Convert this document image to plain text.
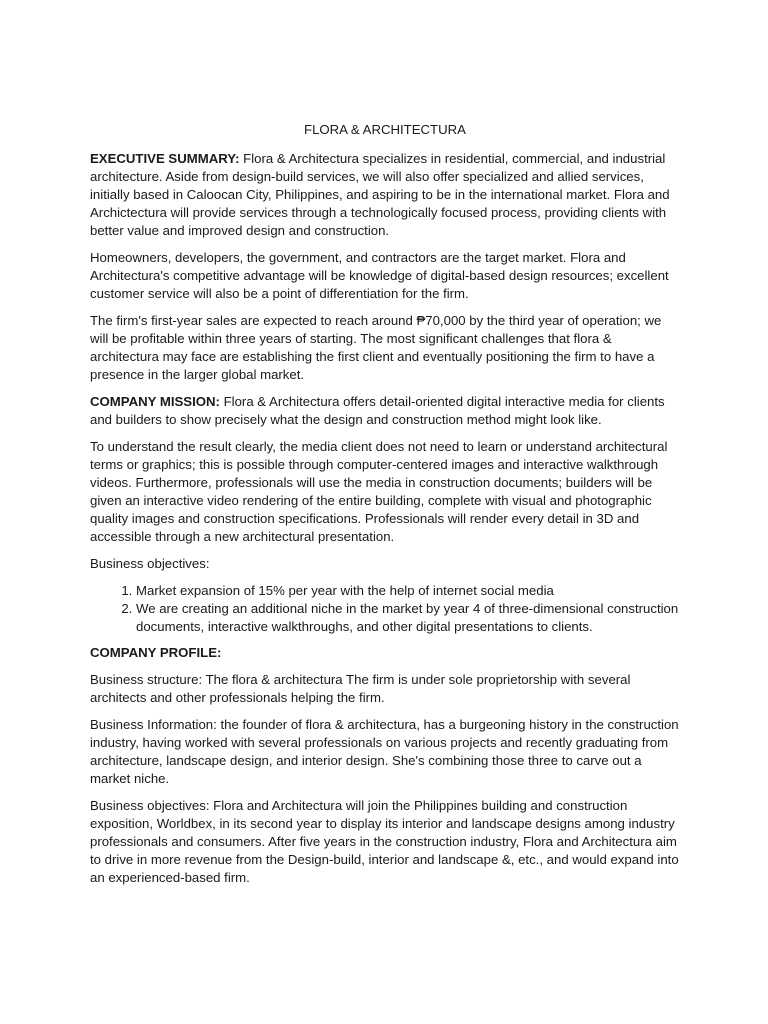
FLORA & ARCHITECTURA

EXECUTIVE SUMMARY: Flora & Architectura specializes in residential, commercial, and industrial architecture. Aside from design-build services, we will also offer specialized and allied services, initially based in Caloocan City, Philippines, and aspiring to be in the international market. Flora and Archictectura will provide services through a technologically focused process, providing clients with better value and improved design and construction.

Homeowners, developers, the government, and contractors are the target market. Flora and Architectura's competitive advantage will be knowledge of digital-based design resources; excellent customer service will also be a point of differentiation for the firm.

The firm's first-year sales are expected to reach around ₱70,000 by the third year of operation; we will be profitable within three years of starting. The most significant challenges that flora & architectura may face are establishing the first client and eventually positioning the firm to have a presence in the larger global market.

COMPANY MISSION: Flora & Architectura offers detail-oriented digital interactive media for clients and builders to show precisely what the design and construction method might look like.

To understand the result clearly, the media client does not need to learn or understand architectural terms or graphics; this is possible through computer-centered images and interactive walkthrough videos. Furthermore, professionals will use the media in construction documents; builders will be given an interactive video rendering of the entire building, complete with visual and photographic quality images and construction specifications. Professionals will render every detail in 3D and accessible through a new architectural presentation.

Business objectives:

1. Market expansion of 15% per year with the help of internet social media
2. We are creating an additional niche in the market by year 4 of three-dimensional construction documents, interactive walkthroughs, and other digital presentations to clients.

COMPANY PROFILE:

Business structure: The flora & architectura The firm is under sole proprietorship with several architects and other professionals helping the firm.

Business Information: the founder of flora & architectura, has a burgeoning history in the construction industry, having worked with several professionals on various projects and recently graduating from architecture, landscape design, and interior design. She's combining those three to carve out a market niche.

Business objectives: Flora and Architectura will join the Philippines building and construction exposition, Worldbex, in its second year to display its interior and landscape designs among industry professionals and consumers. After five years in the construction industry, Flora and Architectura aim to drive in more revenue from the Design-build, interior and landscape &, etc., and would expand into an experienced-based firm.
